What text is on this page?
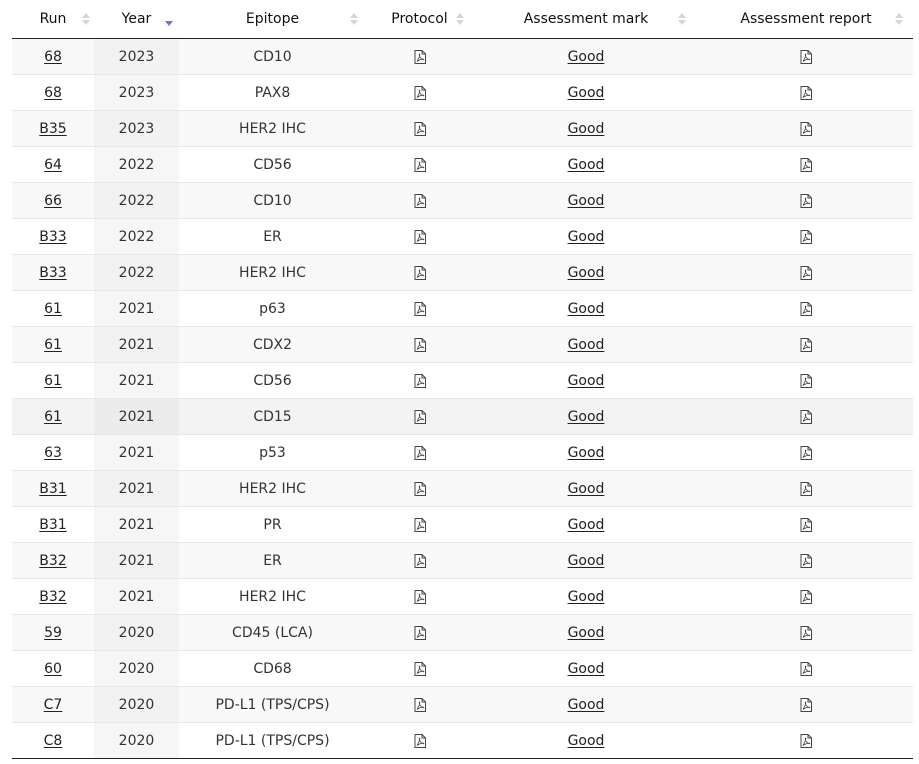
Run	Year	Epitope	Protocol	Assessment mark	Assessment report

68	2023	CD10		Good	
68	2023	PAX8		Good	
B35	2023	HER2 IHC		Good	
64	2022	CD56		Good	
66	2022	CD10		Good	
B33	2022	ER		Good	
B33	2022	HER2 IHC		Good	
61	2021	p63		Good	
61	2021	CDX2		Good	
61	2021	CD56		Good	
61	2021	CD15		Good	
63	2021	p53		Good	
B31	2021	HER2 IHC		Good	
B31	2021	PR		Good	
B32	2021	ER		Good	
B32	2021	HER2 IHC		Good	
59	2020	CD45 (LCA)		Good	
60	2020	CD68		Good	
C7	2020	PD-L1 (TPS/CPS)		Good	
C8	2020	PD-L1 (TPS/CPS)		Good	
